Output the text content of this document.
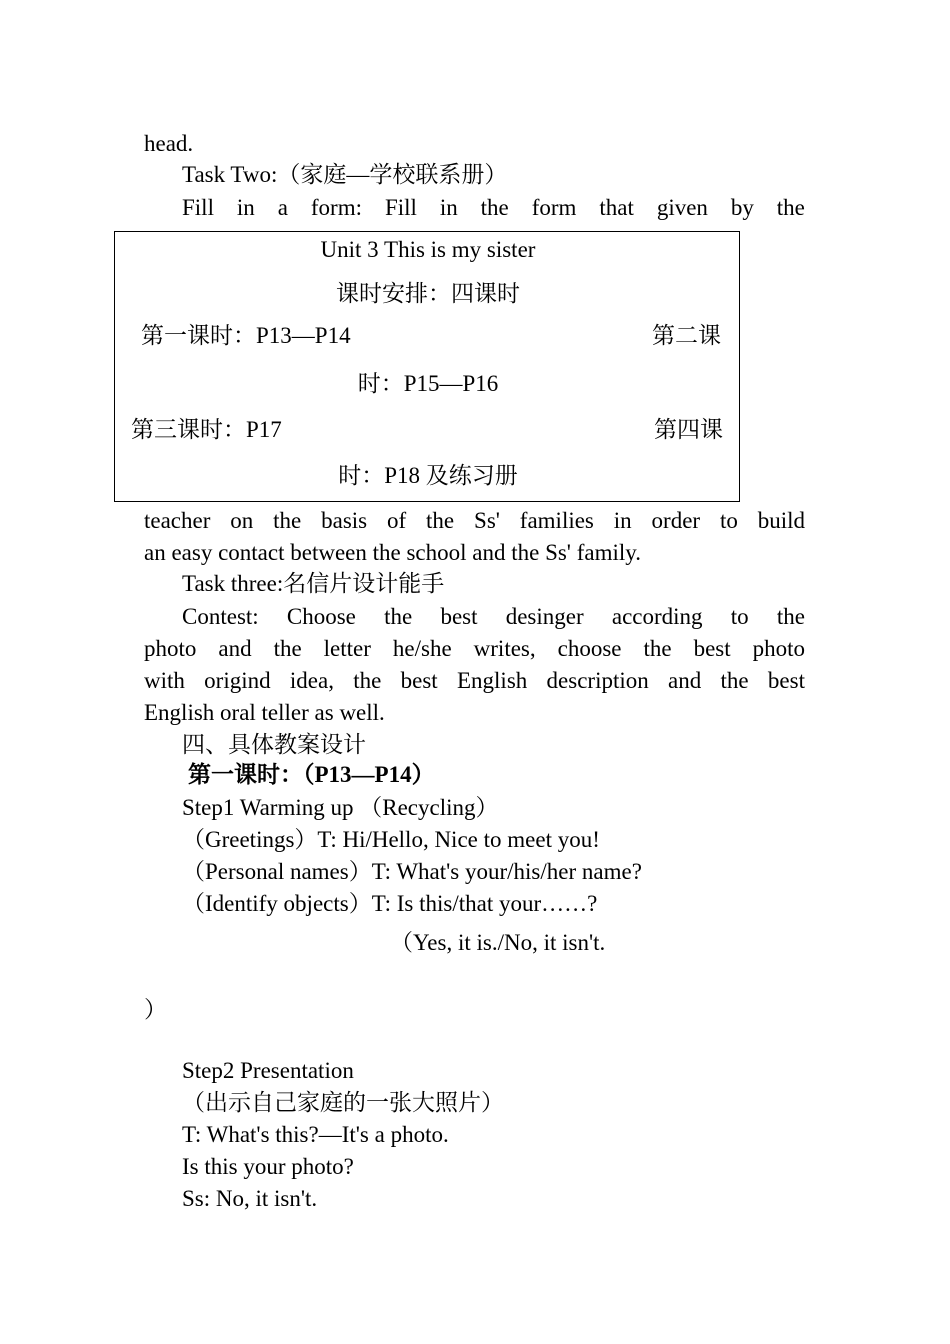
head.
Task Two:（家庭—学校联系册）
Fill in a form: Fill in the form that given by the
Unit 3 This is my sister
课时安排：四课时
第一课时：P13—P14	第二课
时：P15—P16
第三课时：P17	第四课
时：P18 及练习册
teacher on the basis of the Ss' families in order to build
an easy contact between the school and the Ss' family.
Task three:名信片设计能手
Contest: Choose the best desinger according to the
photo and the letter he/she writes, choose the best photo
with origind idea, the best English description and the best
English oral teller as well.
四、具体教案设计
第一课时：（P13—P14）
Step1 Warming up （Recycling）
（Greetings）T: Hi/Hello, Nice to meet you!
（Personal names）T: What's your/his/her name?
（Identify objects）T: Is this/that your……?
（Yes, it is./No, it isn't.
）
Step2 Presentation
（出示自己家庭的一张大照片）
T: What's this?—It's a photo.
Is this your photo?
Ss: No, it isn't.
